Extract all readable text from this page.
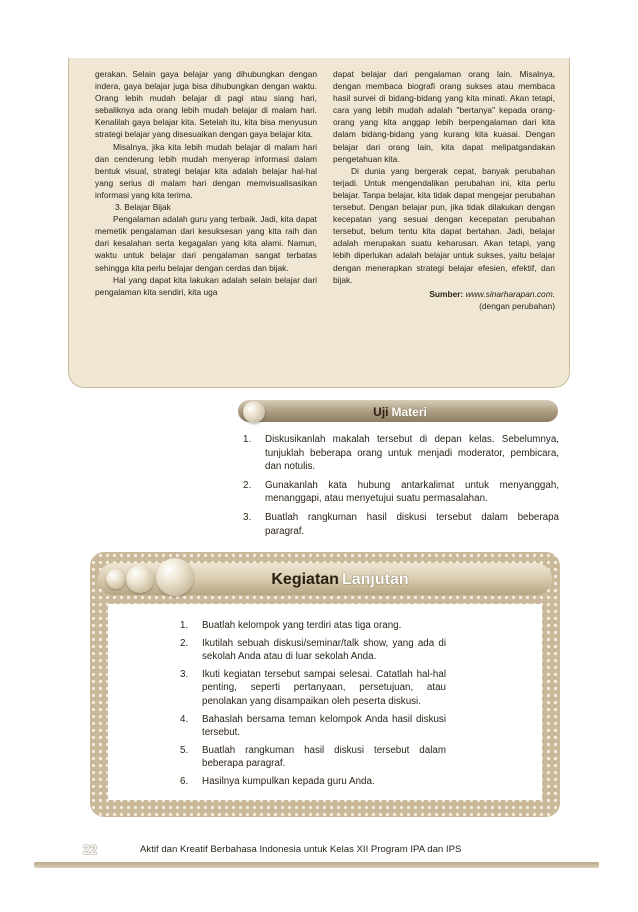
gerakan. Selain gaya belajar yang dihubungkan dengan indera, gaya belajar juga bisa dihubungkan dengan waktu. Orang lebih mudah belajar di pagi atau siang hari, sebaliknya ada orang lebih mudah belajar di malam hari. Kenalilah gaya belajar kita. Setelah itu, kita bisa menyusun strategi belajar yang disesuaikan dengan gaya belajar kita.

Misalnya, jika kita lebih mudah belajar di malam hari dan cenderung lebih mudah menyerap informasi dalam bentuk visual, strategi belajar kita adalah belajar hal-hal yang serius di malam hari dengan memvisualisasikan informasi yang kita terima.

3. Belajar Bijak

Pengalaman adalah guru yang terbaik. Jadi, kita dapat memetik pengalaman dari kesuksesan yang kita raih dan dari kesalahan serta kegagalan yang kita alami. Namun, waktu untuk belajar dari pengalaman sangat terbatas sehingga kita perlu belajar dengan cerdas dan bijak.

Hal yang dapat kita lakukan adalah selain belajar dari pengalaman kita sendiri, kita uga

dapat belajar dari pengalaman orang lain. Misalnya, dengan membaca biografi orang sukses atau membaca hasil survei di bidang-bidang yang kita minati. Akan tetapi, cara yang lebih mudah adalah "bertanya" kepada orang-orang yang kita anggap lebih berpengalaman dari kita dalam bidang-bidang yang kurang kita kuasai. Dengan belajar dari orang lain, kita dapat melipatgandakan pengetahuan kita.

Di dunia yang bergerak cepat, banyak perubahan terjadi. Untuk mengendalikan perubahan ini, kita perlu belajar. Tanpa belajar, kita tidak dapat mengejar perubahan tersebut. Dengan belajar pun, jika tidak dilakukan dengan kecepatan yang sesuai dengan kecepatan perubahan tersebut, belum tentu kita dapat bertahan. Jadi, belajar adalah merupakan suatu keharusan. Akan tetapi, yang lebih diperlukan adalah belajar untuk sukses, yaitu belajar dengan menerapkan strategi belajar efesien, efektif, dan bijak.

Sumber: www.sinarharapan.com.

(dengan perubahan)

Uji Materi
1.	Diskusikanlah makalah tersebut di depan kelas. Sebelumnya, tunjuklah beberapa orang untuk menjadi moderator, pembicara, dan notulis.
2.	Gunakanlah kata hubung antarkalimat untuk menyanggah, menanggapi, atau menyetujui suatu permasalahan.
3.	Buatlah rangkuman hasil diskusi tersebut dalam beberapa paragraf.
Kegiatan Lanjutan
1.	Buatlah kelompok yang terdiri atas tiga orang.
2.	Ikutilah sebuah diskusi/seminar/talk show, yang ada di sekolah Anda atau di luar sekolah Anda.
3.	Ikuti kegiatan tersebut sampai selesai. Catatlah hal-hal penting, seperti pertanyaan, persetujuan, atau penolakan yang disampaikan oleh peserta diskusi.
4.	Bahaslah bersama teman kelompok Anda hasil diskusi tersebut.
5.	Buatlah rangkuman hasil diskusi tersebut dalam beberapa paragraf.
6.	Hasilnya kumpulkan kepada guru Anda.
22	Aktif dan Kreatif Berbahasa Indonesia untuk Kelas XII Program IPA dan IPS
